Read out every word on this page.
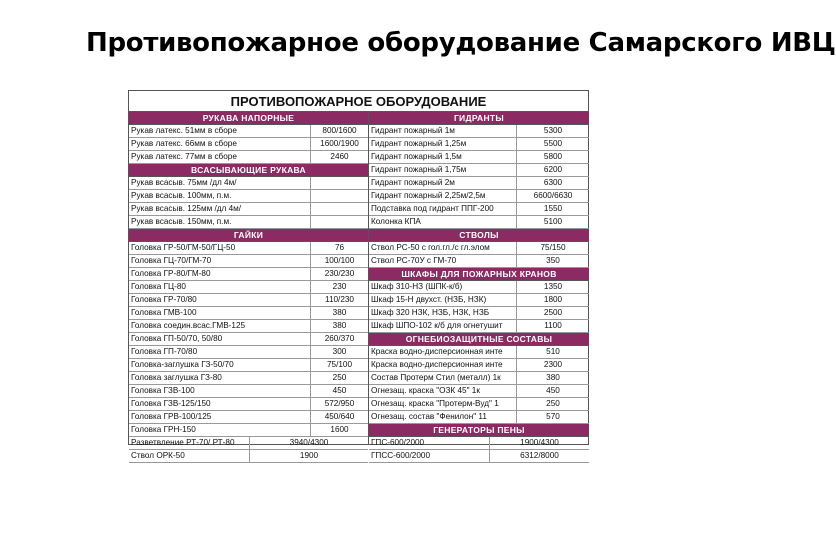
Противопожарное оборудование Самарского ИВЦ
ПРОТИВОПОЖАРНОЕ ОБОРУДОВАНИЕ
РУКАВА НАПОРНЫЕ
Рукав латекс. 51мм в сборе	800/1600
Рукав латекс. 66мм в сборе	1600/1900
Рукав латекс. 77мм в сборе	2460
ВСАСЫВАЮЩИЕ РУКАВА
Рукав всасыв. 75мм /дл 4м/
Рукав всасыв. 100мм, п.м.
Рукав всасыв. 125мм /дл 4м/
Рукав всасыв. 150мм, п.м.
ГАЙКИ
Головка ГР-50/ГМ-50/ГЦ-50	76
Головка ГЦ-70/ГМ-70	100/100
Головка ГР-80/ГМ-80	230/230
Головка ГЦ-80	230
Головка ГР-70/80	110/230
Головка ГМВ-100	380
Головка соедин.всас.ГМВ-125	380
Головка ГП-50/70, 50/80	260/370
Головка ГП-70/80	300
Головка-заглушка ГЗ-50/70	75/100
Головка заглушка ГЗ-80	250
Головка ГЗВ-100	450
Головка ГЗВ-125/150	572/950
Головка ГРВ-100/125	450/640
Головка ГРН-150	1600
Разветвление РТ-70/ РТ-80	3940/4300
Ствол ОРК-50	1900
ГИДРАНТЫ
Гидрант пожарный 1м	5300
Гидрант пожарный 1,25м	5500
Гидрант пожарный 1,5м	5800
Гидрант пожарный 1,75м	6200
Гидрант пожарный 2м	6300
Гидрант пожарный 2,25м/2,5м	6600/6630
Подставка под гидрант ППГ-200	1550
Колонка КПА	5100
СТВОЛЫ
Ствол РС-50 с гол.гл./с гл.элом	75/150
Ствол РС-70У с ГМ-70	350
ШКАФЫ ДЛЯ ПОЖАРНЫХ КРАНОВ
Шкаф 310-НЗ (ШПК-к/б)	1350
Шкаф 15-Н двухст. (НЗБ, НЗК)	1800
Шкаф 320 НЗК, НЗБ, НЗК, НЗБ	2500
Шкаф ШПО-102 к/б для огнетушит	1100
ОГНЕБИОЗАЩИТНЫЕ СОСТАВЫ
Краска водно-дисперсионная инте	510
Краска водно-дисперсионная инте	2300
Состав Протерм Стил (металл) 1к	380
Огнезащ. краска "ОЗК 45" 1к	450
Огнезащ. краска "Протерм-Вуд" 1	250
Огнезащ. состав "Фенилон" 11	570
ГЕНЕРАТОРЫ ПЕНЫ
ГПС-600/2000	1900/4300
ГПСС-600/2000	6312/8000
